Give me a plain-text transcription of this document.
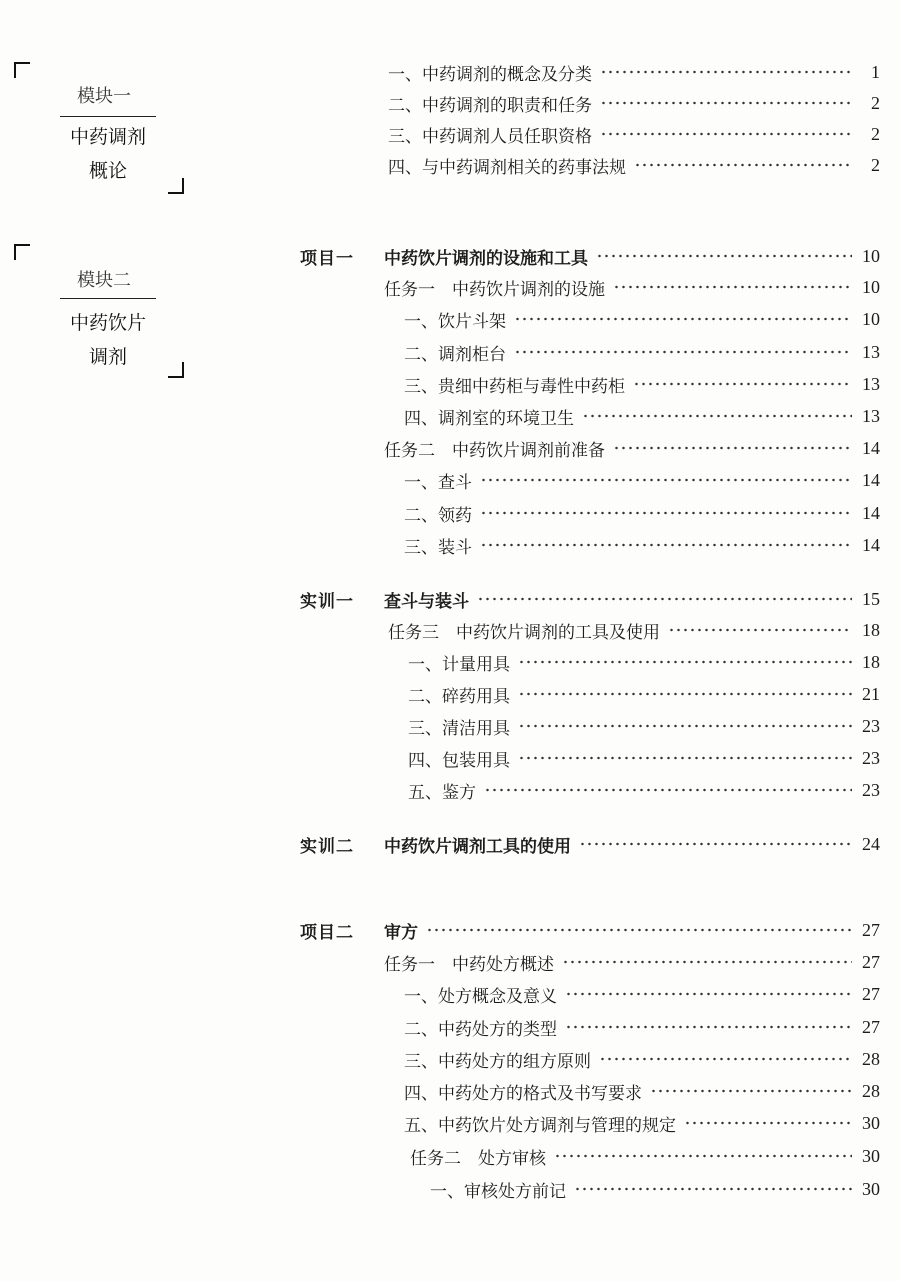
模块一
中药调剂
概论
模块二
中药饮片
调剂
一、中药调剂的概念及分类	1
二、中药调剂的职责和任务	2
三、中药调剂人员任职资格	2
四、与中药调剂相关的药事法规	2
项目一	中药饮片调剂的设施和工具	10
任务一　中药饮片调剂的设施	10
一、饮片斗架	10
二、调剂柜台	13
三、贵细中药柜与毒性中药柜	13
四、调剂室的环境卫生	13
任务二　中药饮片调剂前准备	14
一、查斗	14
二、领药	14
三、装斗	14
实训一	查斗与装斗	15
任务三　中药饮片调剂的工具及使用	18
一、计量用具	18
二、碎药用具	21
三、清洁用具	23
四、包装用具	23
五、鉴方	23
实训二	中药饮片调剂工具的使用	24
项目二	审方	27
任务一　中药处方概述	27
一、处方概念及意义	27
二、中药处方的类型	27
三、中药处方的组方原则	28
四、中药处方的格式及书写要求	28
五、中药饮片处方调剂与管理的规定	30
任务二　处方审核	30
一、审核处方前记	30
